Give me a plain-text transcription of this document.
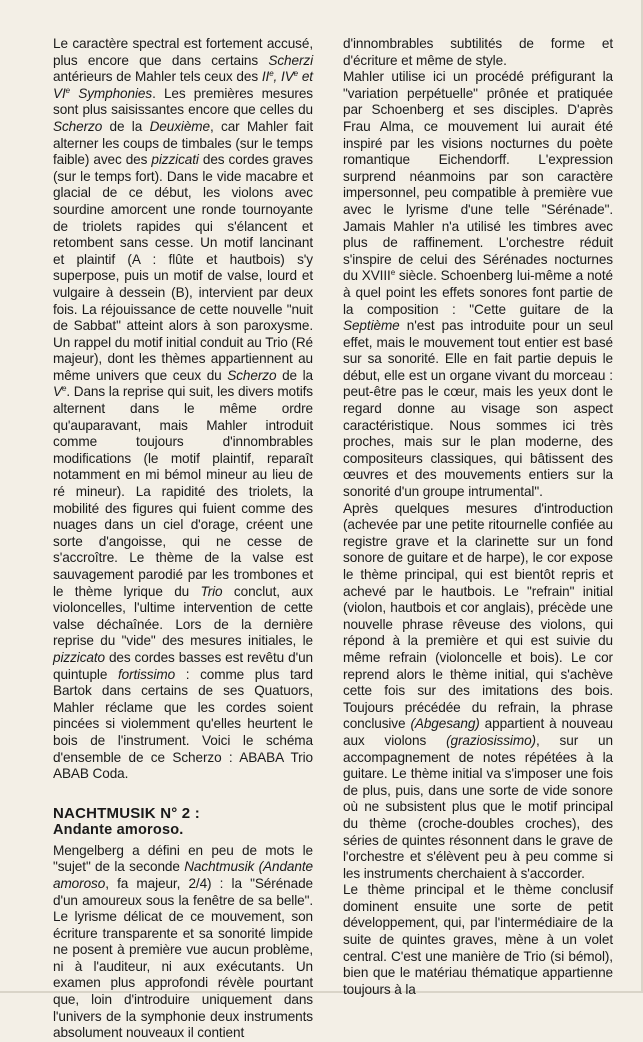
Le caractère spectral est fortement accusé, plus encore que dans certains Scherzi antérieurs de Mahler tels ceux des IIe, IVe et VIe Symphonies. Les premières mesures sont plus saisissantes encore que celles du Scherzo de la Deuxième, car Mahler fait alterner les coups de timbales (sur le temps faible) avec des pizzicati des cordes graves (sur le temps fort). Dans le vide macabre et glacial de ce début, les violons avec sourdine amorcent une ronde tournoyante de triolets rapides qui s'élancent et retombent sans cesse. Un motif lancinant et plaintif (A : flûte et hautbois) s'y superpose, puis un motif de valse, lourd et vulgaire à dessein (B), intervient par deux fois. La réjouissance de cette nouvelle "nuit de Sabbat" atteint alors à son paroxysme. Un rappel du motif initial conduit au Trio (Ré majeur), dont les thèmes appartiennent au même univers que ceux du Scherzo de la Ve. Dans la reprise qui suit, les divers motifs alternent dans le même ordre qu'auparavant, mais Mahler introduit comme toujours d'innombrables modifications (le motif plaintif, reparaît notamment en mi bémol mineur au lieu de ré mineur). La rapidité des triolets, la mobilité des figures qui fuient comme des nuages dans un ciel d'orage, créent une sorte d'angoisse, qui ne cesse de s'accroître. Le thème de la valse est sauvagement parodié par les trombones et le thème lyrique du Trio conclut, aux violoncelles, l'ultime intervention de cette valse déchaînée. Lors de la dernière reprise du "vide" des mesures initiales, le pizzicato des cordes basses est revêtu d'un quintuple fortissimo : comme plus tard Bartok dans certains de ses Quatuors, Mahler réclame que les cordes soient pincées si violemment qu'elles heurtent le bois de l'instrument. Voici le schéma d'ensemble de ce Scherzo : ABABA Trio ABAB Coda.

NACHTMUSIK N° 2 :
Andante amoroso.

Mengelberg a défini en peu de mots le "sujet" de la seconde Nachtmusik (Andante amoroso, fa majeur, 2/4) : la "Sérénade d'un amoureux sous la fenêtre de sa belle". Le lyrisme délicat de ce mouvement, son écriture transparente et sa sonorité limpide ne posent à première vue aucun problème, ni à l'auditeur, ni aux exécutants. Un examen plus approfondi révèle pourtant que, loin d'introduire uniquement dans l'univers de la symphonie deux instruments absolument nouveaux il contient

d'innombrables subtilités de forme et d'écriture et même de style.

Mahler utilise ici un procédé préfigurant la "variation perpétuelle" prônée et pratiquée par Schoenberg et ses disciples. D'après Frau Alma, ce mouvement lui aurait été inspiré par les visions nocturnes du poète romantique Eichendorff. L'expression surprend néanmoins par son caractère impersonnel, peu compatible à première vue avec le lyrisme d'une telle "Sérénade". Jamais Mahler n'a utilisé les timbres avec plus de raffinement. L'orchestre réduit s'inspire de celui des Sérénades nocturnes du XVIIIe siècle. Schoenberg lui-même a noté à quel point les effets sonores font partie de la composition : "Cette guitare de la Septième n'est pas introduite pour un seul effet, mais le mouvement tout entier est basé sur sa sonorité. Elle en fait partie depuis le début, elle est un organe vivant du morceau : peut-être pas le cœur, mais les yeux dont le regard donne au visage son aspect caractéristique. Nous sommes ici très proches, mais sur le plan moderne, des compositeurs classiques, qui bâtissent des œuvres et des mouvements entiers sur la sonorité d'un groupe intrumental".

Après quelques mesures d'introduction (achevée par une petite ritournelle confiée au registre grave et la clarinette sur un fond sonore de guitare et de harpe), le cor expose le thème principal, qui est bientôt repris et achevé par le hautbois. Le "refrain" initial (violon, hautbois et cor anglais), précède une nouvelle phrase rêveuse des violons, qui répond à la première et qui est suivie du même refrain (violoncelle et bois). Le cor reprend alors le thème initial, qui s'achève cette fois sur des imitations des bois. Toujours précédée du refrain, la phrase conclusive (Abgesang) appartient à nouveau aux violons (graziosissimo), sur un accompagnement de notes répétées à la guitare. Le thème initial va s'imposer une fois de plus, puis, dans une sorte de vide sonore où ne subsistent plus que le motif principal du thème (croche-doubles croches), des séries de quintes résonnent dans le grave de l'orchestre et s'élèvent peu à peu comme si les instruments cherchaient à s'accorder.

Le thème principal et le thème conclusif dominent ensuite une sorte de petit développement, qui, par l'intermédiaire de la suite de quintes graves, mène à un volet central. C'est une manière de Trio (si bémol), bien que le matériau thématique appartienne toujours à la
